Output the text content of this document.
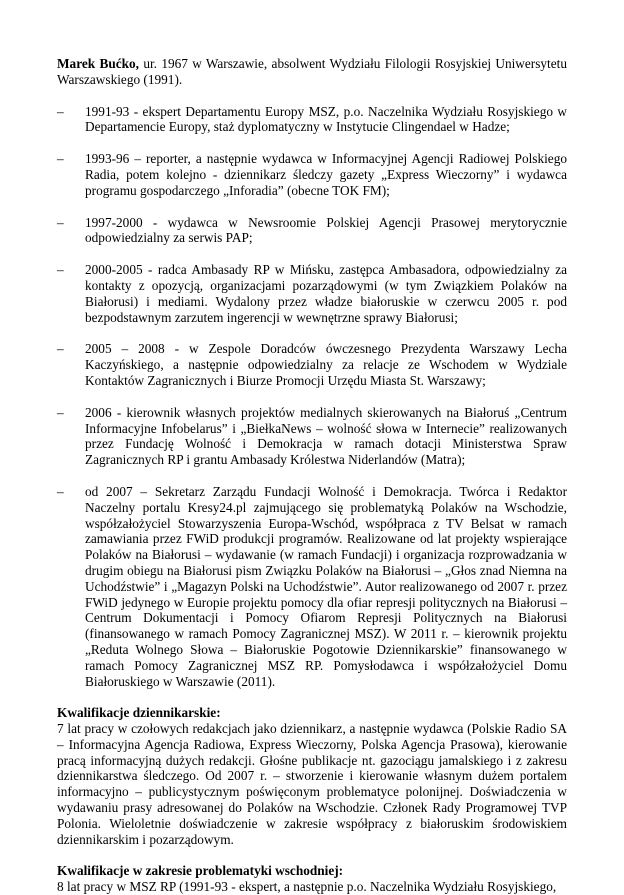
Marek Bućko, ur. 1967 w Warszawie, absolwent Wydziału Filologii Rosyjskiej Uniwersytetu Warszawskiego (1991).

– 1991-93 - ekspert Departamentu Europy MSZ, p.o. Naczelnika Wydziału Rosyjskiego w Departamencie Europy, staż dyplomatyczny w Instytucie Clingendael w Hadze;
– 1993-96 – reporter, a następnie wydawca w Informacyjnej Agencji Radiowej Polskiego Radia, potem kolejno - dziennikarz śledczy gazety „Express Wieczorny” i wydawca programu gospodarczego „Inforadia” (obecne TOK FM);
– 1997-2000 - wydawca w Newsroomie Polskiej Agencji Prasowej merytorycznie odpowiedzialny za serwis PAP;
– 2000-2005 - radca Ambasady RP w Mińsku, zastępca Ambasadora, odpowiedzialny za kontakty z opozycją, organizacjami pozarządowymi (w tym Związkiem Polaków na Białorusi) i mediami. Wydalony przez władze białoruskie w czerwcu 2005 r. pod bezpodstawnym zarzutem ingerencji w wewnętrzne sprawy Białorusi;
– 2005 – 2008 - w Zespole Doradców ówczesnego Prezydenta Warszawy Lecha Kaczyńskiego, a następnie odpowiedzialny za relacje ze Wschodem w Wydziale Kontaktów Zagranicznych i Biurze Promocji Urzędu Miasta St. Warszawy;
– 2006 - kierownik własnych projektów medialnych skierowanych na Białoruś „Centrum Informacyjne Infobelarus” i „BiełkaNews – wolność słowa w Internecie” realizowanych przez Fundację Wolność i Demokracja w ramach dotacji Ministerstwa Spraw Zagranicznych RP i grantu Ambasady Królestwa Niderlandów (Matra);
– od 2007 – Sekretarz Zarządu Fundacji Wolność i Demokracja. Twórca i Redaktor Naczelny portalu Kresy24.pl zajmującego się problematyką Polaków na Wschodzie, współzałożyciel Stowarzyszenia Europa-Wschód, współpraca z TV Belsat w ramach zamawiania przez FWiD produkcji programów. Realizowane od lat projekty wspierające Polaków na Białorusi – wydawanie (w ramach Fundacji) i organizacja rozprowadzania w drugim obiegu na Białorusi pism Związku Polaków na Białorusi – „Głos znad Niemna na Uchodźstwie” i „Magazyn Polski na Uchodźstwie”. Autor realizowanego od 2007 r. przez FWiD jedynego w Europie projektu pomocy dla ofiar represji politycznych na Białorusi – Centrum Dokumentacji i Pomocy Ofiarom Represji Politycznych na Białorusi (finansowanego w ramach Pomocy Zagranicznej MSZ). W 2011 r. – kierownik projektu „Reduta Wolnego Słowa – Białoruskie Pogotowie Dziennikarskie” finansowanego w ramach Pomocy Zagranicznej MSZ RP. Pomysłodawca i współzałożyciel Domu Białoruskiego w Warszawie (2011).

Kwalifikacje dziennikarskie:

7 lat pracy w czołowych redakcjach jako dziennikarz, a następnie wydawca (Polskie Radio SA – Informacyjna Agencja Radiowa, Express Wieczorny, Polska Agencja Prasowa), kierowanie pracą informacyjną dużych redakcji. Głośne publikacje nt. gazociągu jamalskiego i z zakresu dziennikarstwa śledczego. Od 2007 r. – stworzenie i kierowanie własnym dużem portalem informacyjno – publicystycznym poświęconym problematyce polonijnej. Doświadczenia w wydawaniu prasy adresowanej do Polaków na Wschodzie. Członek Rady Programowej TVP Polonia. Wieloletnie doświadczenie w zakresie współpracy z białoruskim środowiskiem dziennikarskim i pozarządowym.

Kwalifikacje w zakresie problematyki wschodniej:

8 lat pracy w MSZ RP (1991-93 - ekspert, a następnie p.o. Naczelnika Wydziału Rosyjskiego,
